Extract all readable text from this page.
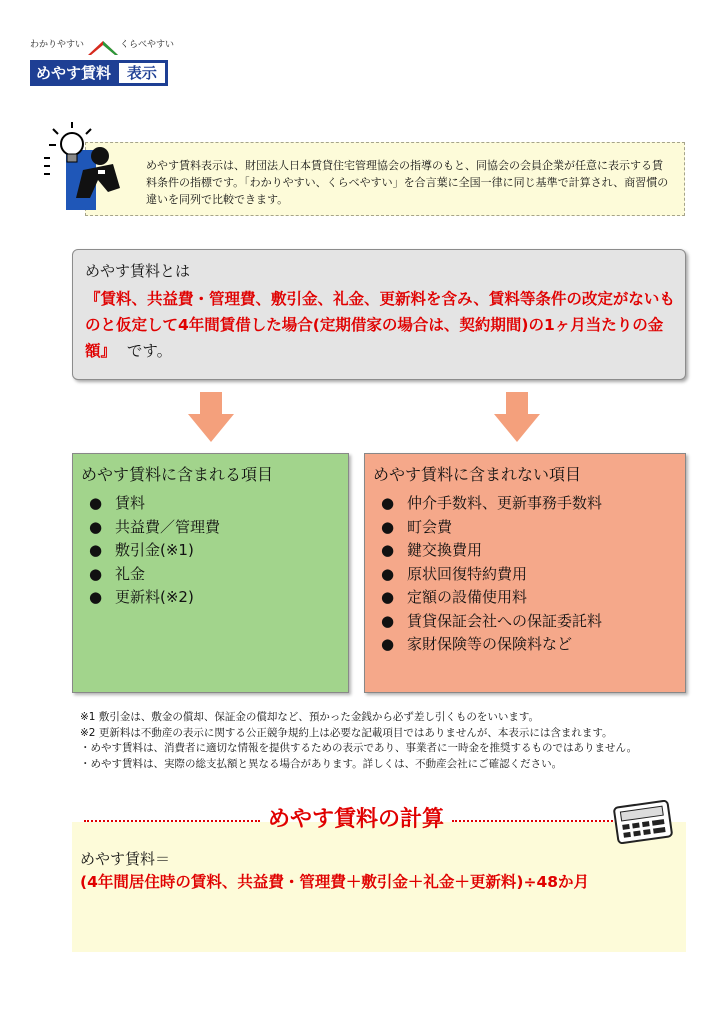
わかりやすい	くらべやすい
めやす賃料	表示

めやす賃料表示は、財団法人日本賃貸住宅管理協会の指導のもと、同協会の会員企業が任意に表示する賃料条件の指標です。「わかりやすい、くらべやすい」を合言葉に全国一律に同じ基準で計算され、商習慣の違いを同列で比較できます。

めやす賃料とは
『賃料、共益費・管理費、敷引金、礼金、更新料を含み、賃料等条件の改定がないものと仮定して4年間賃借した場合(定期借家の場合は、契約期間)の1ヶ月当たりの金額』 です。
めやす賃料に含まれる項目
● 賃料
● 共益費／管理費
● 敷引金(※1)
● 礼金
● 更新料(※2)
めやす賃料に含まれない項目
● 仲介手数料、更新事務手数料
● 町会費
● 鍵交換費用
● 原状回復特約費用
● 定額の設備使用料
● 賃貸保証会社への保証委託料
● 家財保険等の保険料など
※1 敷引金は、敷金の償却、保証金の償却など、預かった金銭から必ず差し引くものをいいます。
※2 更新料は不動産の表示に関する公正競争規約上は必要な記載項目ではありませんが、本表示には含まれます。
・めやす賃料は、消費者に適切な情報を提供するための表示であり、事業者に一時金を推奨するものではありません。
・めやす賃料は、実際の総支払額と異なる場合があります。詳しくは、不動産会社にご確認ください。
めやす賃料＝
(4年間居住時の賃料、共益費・管理費＋敷引金＋礼金＋更新料)÷48か月
めやす賃料の計算
